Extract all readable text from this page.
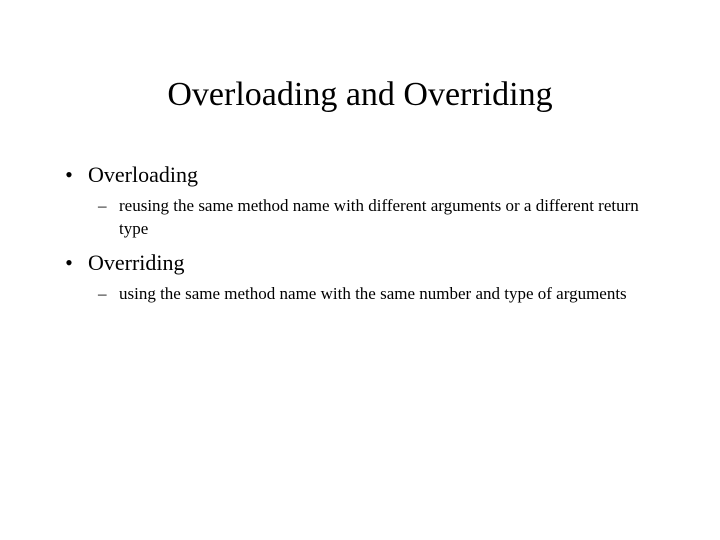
Overloading and Overriding
• Overloading
– reusing the same method name with different arguments or a different return type
• Overriding
– using the same method name with the same number and type of arguments
